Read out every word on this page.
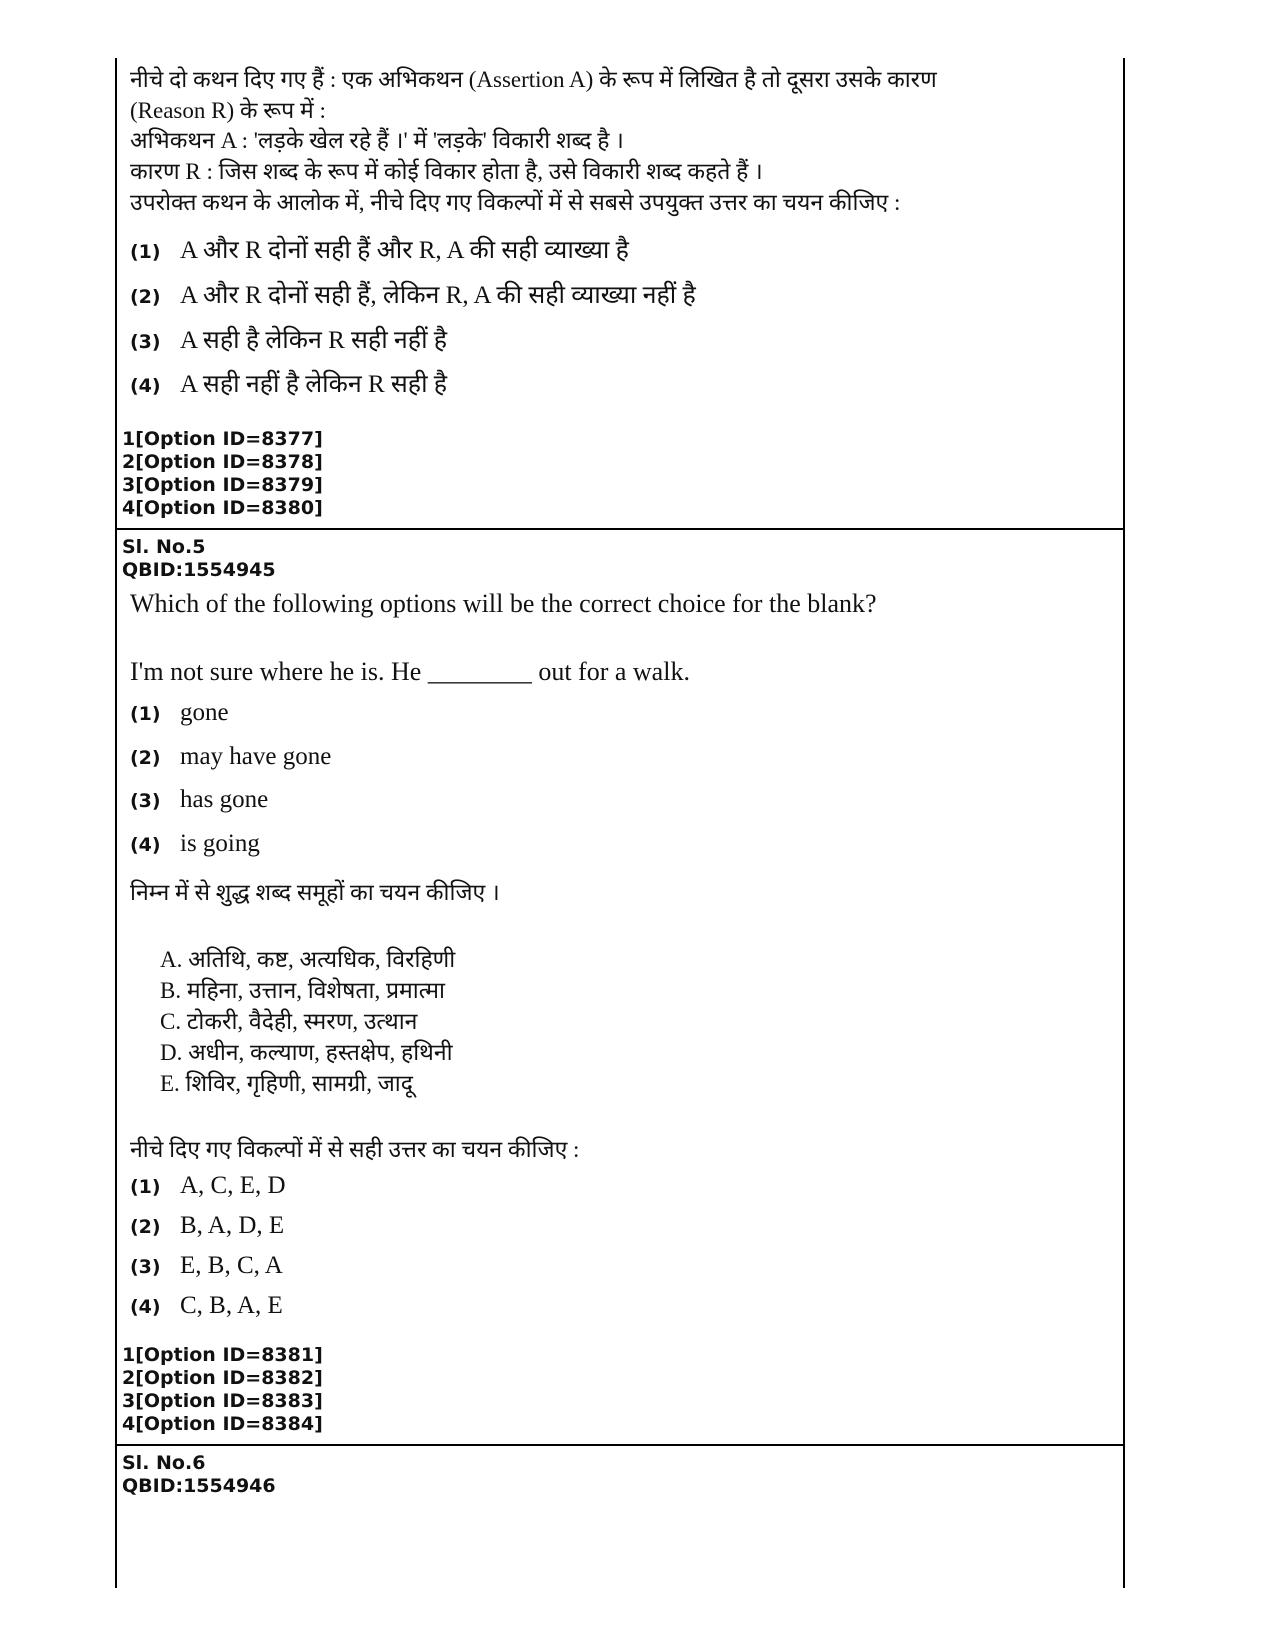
नीचे दो कथन दिए गए हैं : एक अभिकथन (Assertion A) के रूप में लिखित है तो दूसरा उसके कारण
(Reason R) के रूप में :
अभिकथन A : 'लड़के खेल रहे हैं ।' में 'लड़के' विकारी शब्द है ।
कारण R : जिस शब्द के रूप में कोई विकार होता है, उसे विकारी शब्द कहते हैं ।
उपरोक्त कथन के आलोक में, नीचे दिए गए विकल्पों में से सबसे उपयुक्त उत्तर का चयन कीजिए :
(1) A और R दोनों सही हैं और R, A की सही व्याख्या है
(2) A और R दोनों सही हैं, लेकिन R, A की सही व्याख्या नहीं है
(3) A सही है लेकिन R सही नहीं है
(4) A सही नहीं है लेकिन R सही है
1[Option ID=8377]
2[Option ID=8378]
3[Option ID=8379]
4[Option ID=8380]
Sl. No.5
QBID:1554945
Which of the following options will be the correct choice for the blank?
I'm not sure where he is. He ________ out for a walk.
(1) gone
(2) may have gone
(3) has gone
(4) is going
निम्न में से शुद्ध शब्द समूहों का चयन कीजिए ।
A. अतिथि, कष्ट, अत्यधिक, विरहिणी
B. महिना, उत्तान, विशेषता, प्रमात्मा
C. टोकरी, वैदेही, स्मरण, उत्थान
D. अधीन, कल्याण, हस्तक्षेप, हथिनी
E. शिविर, गृहिणी, सामग्री, जादू
नीचे दिए गए विकल्पों में से सही उत्तर का चयन कीजिए :
(1) A, C, E, D
(2) B, A, D, E
(3) E, B, C, A
(4) C, B, A, E
1[Option ID=8381]
2[Option ID=8382]
3[Option ID=8383]
4[Option ID=8384]
Sl. No.6
QBID:1554946
